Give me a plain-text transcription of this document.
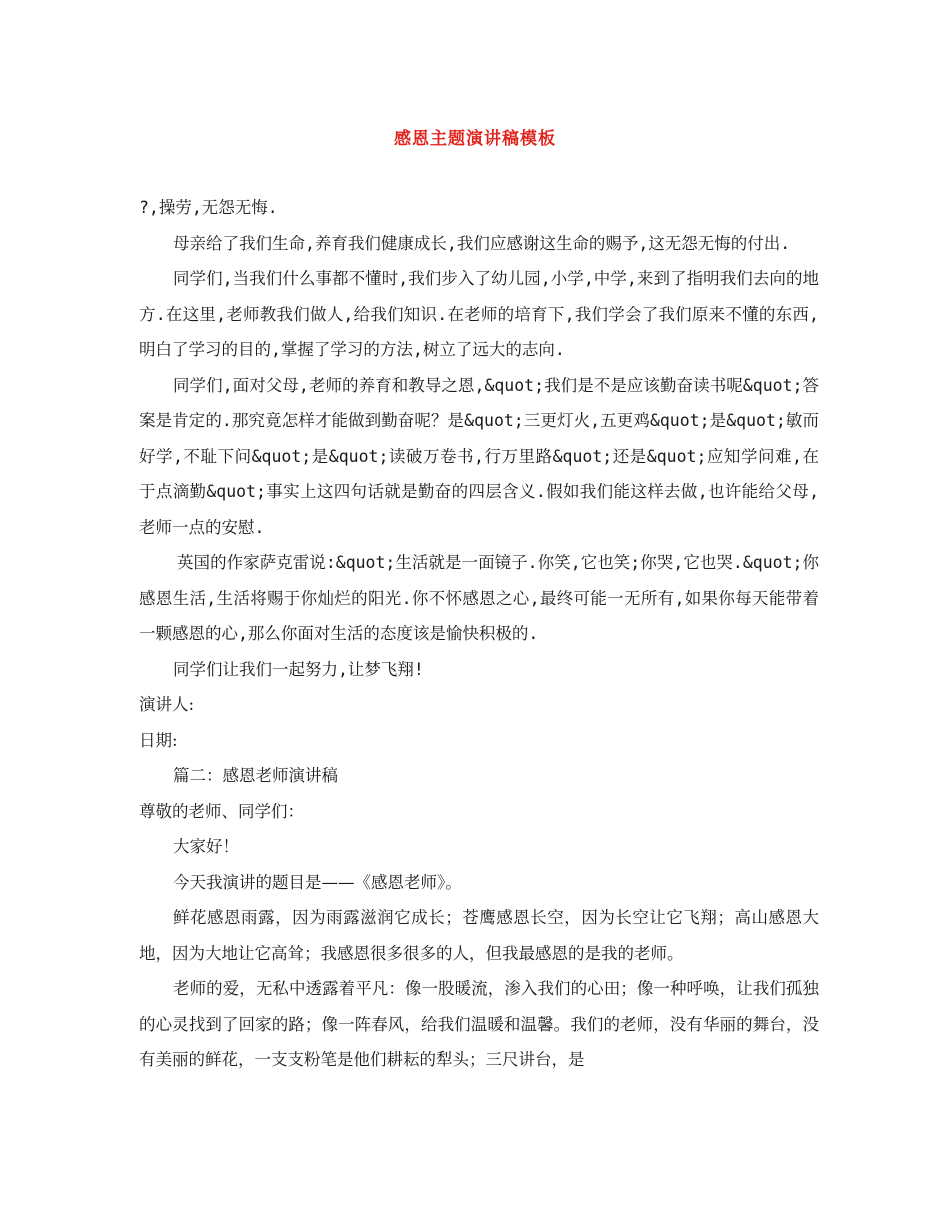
感恩主题演讲稿模板

?,操劳,无怨无悔.

母亲给了我们生命,养育我们健康成长,我们应感谢这生命的赐予,这无怨无悔的付出.

同学们,当我们什么事都不懂时,我们步入了幼儿园,小学,中学,来到了指明我们去向的地方.在这里,老师教我们做人,给我们知识.在老师的培育下,我们学会了我们原来不懂的东西,明白了学习的目的,掌握了学习的方法,树立了远大的志向.

同学们,面对父母,老师的养育和教导之恩,&quot;我们是不是应该勤奋读书呢&quot;答案是肯定的.那究竟怎样才能做到勤奋呢？是&quot;三更灯火,五更鸡&quot;是&quot;敏而好学,不耻下问&quot;是&quot;读破万卷书,行万里路&quot;还是&quot;应知学问难,在于点滴勤&quot;事实上这四句话就是勤奋的四层含义.假如我们能这样去做,也许能给父母,老师一点的安慰.

英国的作家萨克雷说:&quot;生活就是一面镜子.你笑,它也笑;你哭,它也哭.&quot;你感恩生活,生活将赐于你灿烂的阳光.你不怀感恩之心,最终可能一无所有,如果你每天能带着一颗感恩的心,那么你面对生活的态度该是愉快积极的.

同学们让我们一起努力,让梦飞翔!

演讲人:

日期:

篇二：感恩老师演讲稿

尊敬的老师、同学们：

大家好！

今天我演讲的题目是——《感恩老师》。

鲜花感恩雨露，因为雨露滋润它成长；苍鹰感恩长空，因为长空让它飞翔；高山感恩大地，因为大地让它高耸；我感恩很多很多的人，但我最感恩的是我的老师。

老师的爱，无私中透露着平凡：像一股暖流，渗入我们的心田；像一种呼唤，让我们孤独的心灵找到了回家的路；像一阵春风，给我们温暖和温馨。我们的老师，没有华丽的舞台，没有美丽的鲜花，一支支粉笔是他们耕耘的犁头；三尺讲台，是
